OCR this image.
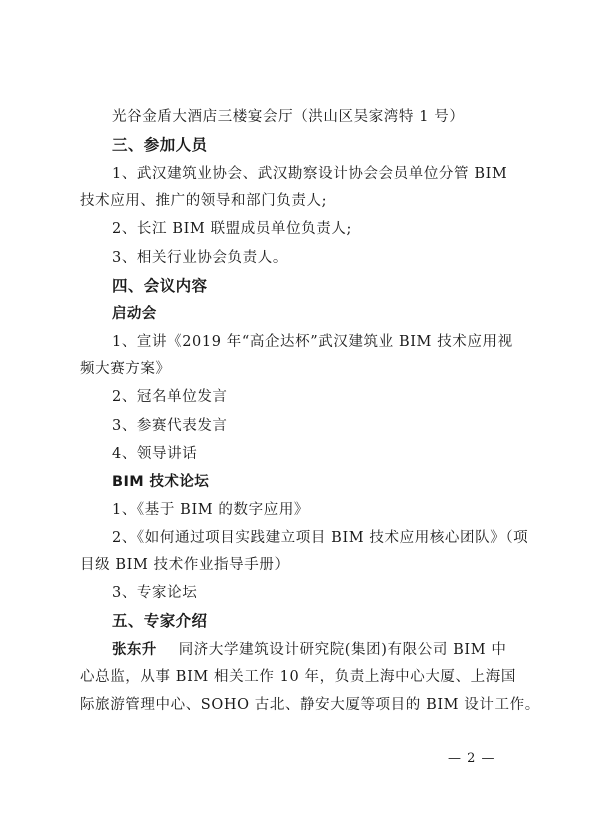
光谷金盾大酒店三楼宴会厅（洪山区吴家湾特 1 号）
三、参加人员
1、武汉建筑业协会、武汉勘察设计协会会员单位分管 BIM
技术应用、推广的领导和部门负责人;
2、长江 BIM 联盟成员单位负责人;
3、相关行业协会负责人。
四、会议内容
启动会
1、宣讲《2019 年“高企达杯”武汉建筑业 BIM 技术应用视
频大赛方案》
2、冠名单位发言
3、参赛代表发言
4、领导讲话
BIM 技术论坛
1、《基于 BIM 的数字应用》
2、《如何通过项目实践建立项目 BIM 技术应用核心团队》（项
目级 BIM 技术作业指导手册）
3、专家论坛
五、专家介绍
张东升 同济大学建筑设计研究院(集团)有限公司 BIM 中
心总监，从事 BIM 相关工作 10 年，负责上海中心大厦、上海国
际旅游管理中心、SOHO 古北、静安大厦等项目的 BIM 设计工作。
— 2 —
